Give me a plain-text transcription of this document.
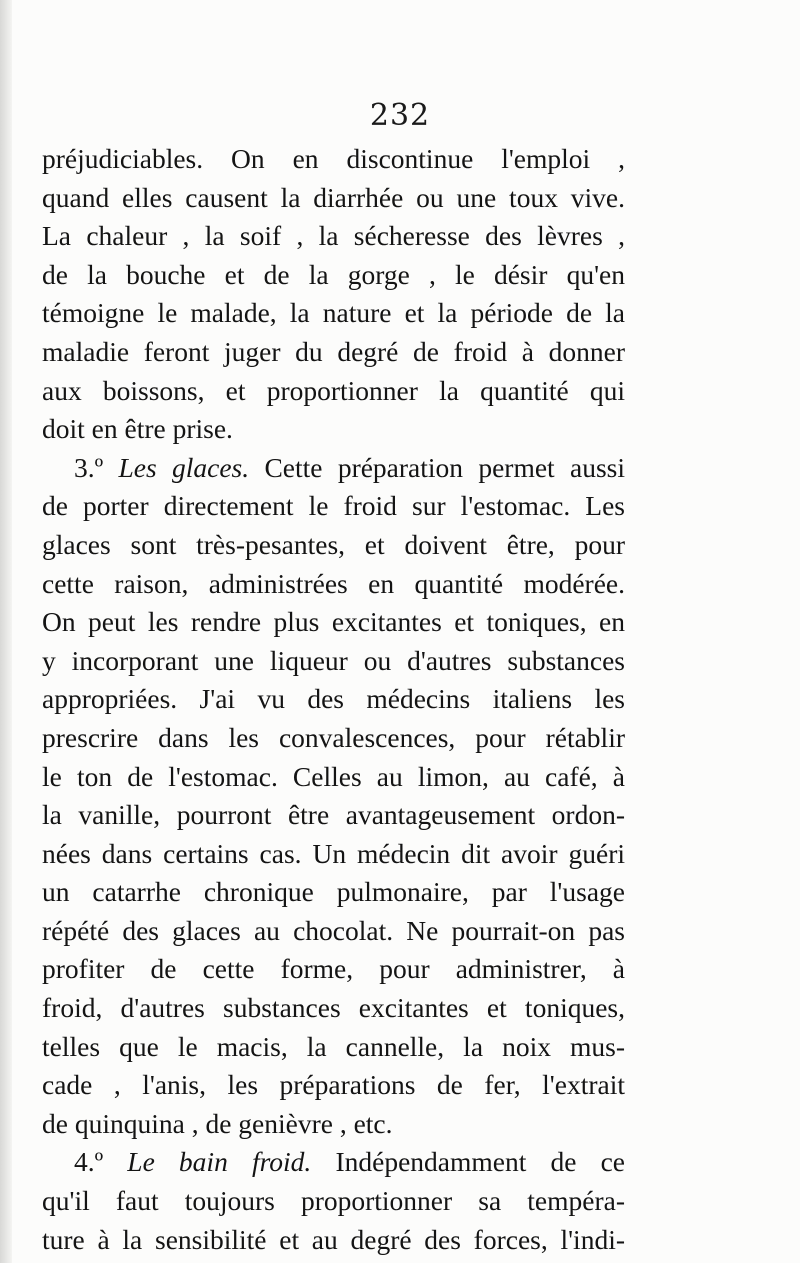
232
préjudiciables. On en discontinue l'emploi ,
quand elles causent la diarrhée ou une toux vive.
La chaleur , la soif , la sécheresse des lèvres ,
de la bouche et de la gorge , le désir qu'en
témoigne le malade, la nature et la période de la
maladie feront juger du degré de froid à donner
aux boissons, et proportionner la quantité qui
doit en être prise.
3.º Les glaces. Cette préparation permet aussi
de porter directement le froid sur l'estomac. Les
glaces sont très-pesantes, et doivent être, pour
cette raison, administrées en quantité modérée.
On peut les rendre plus excitantes et toniques, en
y incorporant une liqueur ou d'autres substances
appropriées. J'ai vu des médecins italiens les
prescrire dans les convalescences, pour rétablir
le ton de l'estomac. Celles au limon, au café, à
la vanille, pourront être avantageusement ordon-
nées dans certains cas. Un médecin dit avoir guéri
un catarrhe chronique pulmonaire, par l'usage
répété des glaces au chocolat. Ne pourrait-on pas
profiter de cette forme, pour administrer, à
froid, d'autres substances excitantes et toniques,
telles que le macis, la cannelle, la noix mus-
cade , l'anis, les préparations de fer, l'extrait
de quinquina , de genièvre , etc.
4.º Le bain froid. Indépendamment de ce
qu'il faut toujours proportionner sa tempéra-
ture à la sensibilité et au degré des forces, l'indi-
